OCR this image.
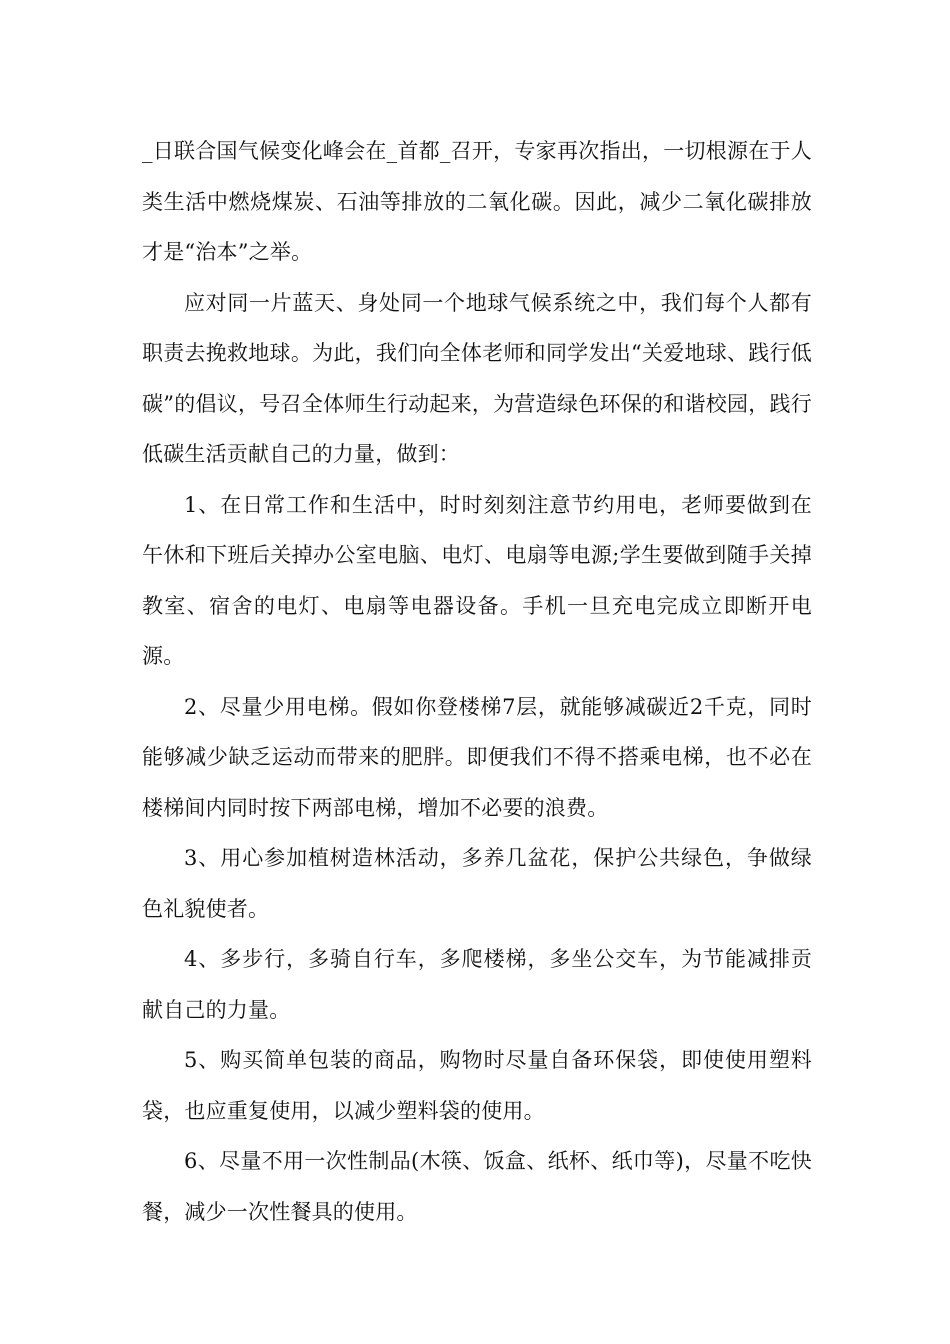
_日联合国气候变化峰会在_首都_召开，专家再次指出，一切根源在于人类生活中燃烧煤炭、石油等排放的二氧化碳。因此，减少二氧化碳排放才是“治本”之举。

应对同一片蓝天、身处同一个地球气候系统之中，我们每个人都有职责去挽救地球。为此，我们向全体老师和同学发出“关爱地球、践行低碳”的倡议，号召全体师生行动起来，为营造绿色环保的和谐校园，践行低碳生活贡献自己的力量，做到：

1、在日常工作和生活中，时时刻刻注意节约用电，老师要做到在午休和下班后关掉办公室电脑、电灯、电扇等电源;学生要做到随手关掉教室、宿舍的电灯、电扇等电器设备。手机一旦充电完成立即断开电源。

2、尽量少用电梯。假如你登楼梯7层，就能够减碳近2千克，同时能够减少缺乏运动而带来的肥胖。即便我们不得不搭乘电梯，也不必在楼梯间内同时按下两部电梯，增加不必要的浪费。

3、用心参加植树造林活动，多养几盆花，保护公共绿色，争做绿色礼貌使者。

4、多步行，多骑自行车，多爬楼梯，多坐公交车，为节能减排贡献自己的力量。

5、购买简单包装的商品，购物时尽量自备环保袋，即使使用塑料袋，也应重复使用，以减少塑料袋的使用。

6、尽量不用一次性制品(木筷、饭盒、纸杯、纸巾等)，尽量不吃快餐，减少一次性餐具的使用。
